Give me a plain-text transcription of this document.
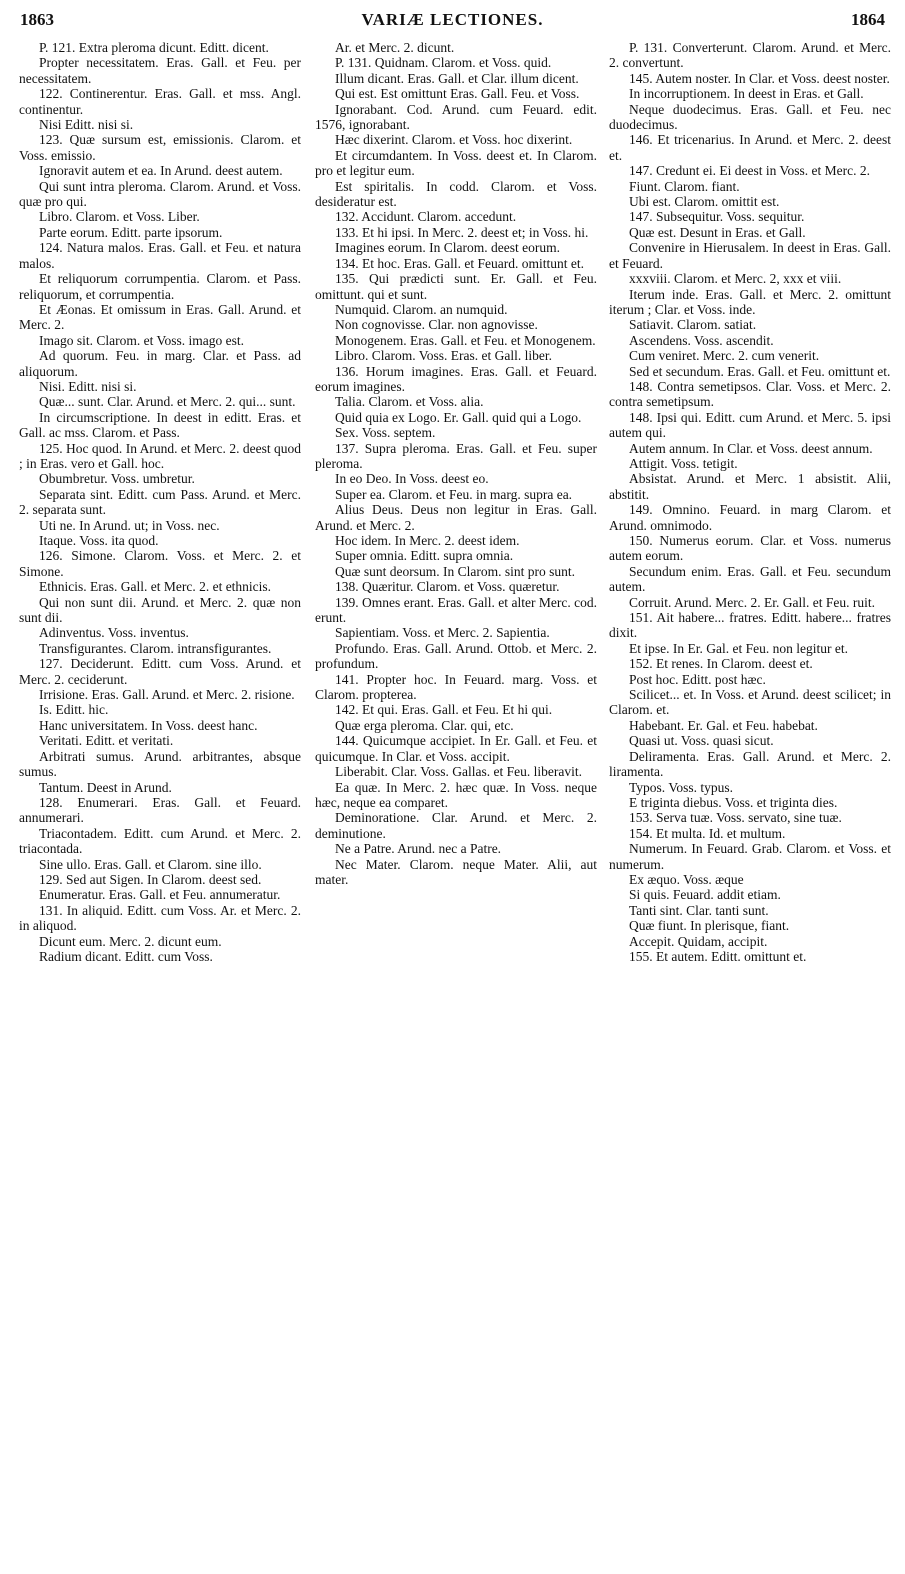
1863	VARIÆ LECTIONES.	1864

P. 121. Extra pleroma dicunt. Editt. dicent.

Propter necessitatem. Eras. Gall. et Feu. per necessitatem.

122. Continerentur. Eras. Gall. et mss. Angl. continentur.

Nisi Editt. nisi si.

123. Quæ sursum est, emissionis. Clarom. et Voss. emissio.

Ignoravit autem et ea. In Arund. deest autem.

Qui sunt intra pleroma. Clarom. Arund. et Voss. quæ pro qui.

Libro. Clarom. et Voss. Liber.

Parte eorum. Editt. parte ipsorum.

124. Natura malos. Eras. Gall. et Feu. et natura malos.

Et reliquorum corrumpentia. Clarom. et Pass. reliquorum, et corrumpentia.

Et Æonas. Et omissum in Eras. Gall. Arund. et Merc. 2.

Imago sit. Clarom. et Voss. imago est.

Ad quorum. Feu. in marg. Clar. et Pass. ad aliquorum.

Nisi. Editt. nisi si.

Quæ... sunt. Clar. Arund. et Merc. 2. qui... sunt.

In circumscriptione. In deest in editt. Eras. et Gall. ac mss. Clarom. et Pass.

125. Hoc quod. In Arund. et Merc. 2. deest quod ; in Eras. vero et Gall. hoc.

Obumbretur. Voss. umbretur.

Separata sint. Editt. cum Pass. Arund. et Merc. 2. separata sunt.

Uti ne. In Arund. ut; in Voss. nec.

Itaque. Voss. ita quod.

126. Simone. Clarom. Voss. et Merc. 2. et Simone.

Ethnicis. Eras. Gall. et Merc. 2. et ethnicis.

Qui non sunt dii. Arund. et Merc. 2. quæ non sunt dii.

Adinventus. Voss. inventus.

Transfigurantes. Clarom. intransfigurantes.

127. Deciderunt. Editt. cum Voss. Arund. et Merc. 2. ceciderunt.

Irrisione. Eras. Gall. Arund. et Merc. 2. risione.

Is. Editt. hic.

Hanc universitatem. In Voss. deest hanc.

Veritati. Editt. et veritati.

Arbitrati sumus. Arund. arbitrantes, absque sumus.

Tantum. Deest in Arund.

128. Enumerari. Eras. Gall. et Feuard. annumerari.

Triacontadem. Editt. cum Arund. et Merc. 2. triacontada.

Sine ullo. Eras. Gall. et Clarom. sine illo.

129. Sed aut Sigen. In Clarom. deest sed.

Enumeratur. Eras. Gall. et Feu. annumeratur.

131. In aliquid. Editt. cum Voss. Ar. et Merc. 2. in aliquod.

Dicunt eum. Merc. 2. dicunt eum.

Radium dicant. Editt. cum Voss.

Ar. et Merc. 2. dicunt.

P. 131. Quidnam. Clarom. et Voss. quid.

Illum dicant. Eras. Gall. et Clar. illum dicent.

Qui est. Est omittunt Eras. Gall. Feu. et Voss.

Ignorabant. Cod. Arund. cum Feuard. edit. 1576, ignorabant.

Hæc dixerint. Clarom. et Voss. hoc dixerint.

Et circumdantem. In Voss. deest et. In Clarom. pro et legitur eum.

Est spiritalis. In codd. Clarom. et Voss. desideratur est.

132. Accidunt. Clarom. accedunt.

133. Et hi ipsi. In Merc. 2. deest et; in Voss. hi.

Imagines eorum. In Clarom. deest eorum.

134. Et hoc. Eras. Gall. et Feuard. omittunt et.

135. Qui prædicti sunt. Er. Gall. et Feu. omittunt. qui et sunt.

Numquid. Clarom. an numquid.

Non cognovisse. Clar. non agnovisse.

Monogenem. Eras. Gall. et Feu. et Monogenem.

Libro. Clarom. Voss. Eras. et Gall. liber.

136. Horum imagines. Eras. Gall. et Feuard. eorum imagines.

Talia. Clarom. et Voss. alia.

Quid quia ex Logo. Er. Gall. quid qui a Logo.

Sex. Voss. septem.

137. Supra pleroma. Eras. Gall. et Feu. super pleroma.

In eo Deo. In Voss. deest eo.

Super ea. Clarom. et Feu. in marg. supra ea.

Alius Deus. Deus non legitur in Eras. Gall. Arund. et Merc. 2.

Hoc idem. In Merc. 2. deest idem.

Super omnia. Editt. supra omnia.

Quæ sunt deorsum. In Clarom. sint pro sunt.

138. Quæritur. Clarom. et Voss. quæretur.

139. Omnes erant. Eras. Gall. et alter Merc. cod. erunt.

Sapientiam. Voss. et Merc. 2. Sapientia.

Profundo. Eras. Gall. Arund. Ottob. et Merc. 2. profundum.

141. Propter hoc. In Feuard. marg. Voss. et Clarom. propterea.

142. Et qui. Eras. Gall. et Feu. Et hi qui.

Quæ erga pleroma. Clar. qui, etc.

144. Quicumque accipiet. In Er. Gall. et Feu. et quicumque. In Clar. et Voss. accipit.

Liberabit. Clar. Voss. Gallas. et Feu. liberavit.

Ea quæ. In Merc. 2. hæc quæ. In Voss. neque hæc, neque ea comparet.

Deminoratione. Clar. Arund. et Merc. 2. deminutione.

Ne a Patre. Arund. nec a Patre.

Nec Mater. Clarom. neque Mater. Alii, aut mater.

P. 131. Converterunt. Clarom. Arund. et Merc. 2. convertunt.

145. Autem noster. In Clar. et Voss. deest noster.

In incorruptionem. In deest in Eras. et Gall.

Neque duodecimus. Eras. Gall. et Feu. nec duodecimus.

146. Et tricenarius. In Arund. et Merc. 2. deest et.

147. Credunt ei. Ei deest in Voss. et Merc. 2.

Fiunt. Clarom. fiant.

Ubi est. Clarom. omittit est.

147. Subsequitur. Voss. sequitur.

Quæ est. Desunt in Eras. et Gall.

Convenire in Hierusalem. In deest in Eras. Gall. et Feuard.

xxxviii. Clarom. et Merc. 2, xxx et viii.

Iterum inde. Eras. Gall. et Merc. 2. omittunt iterum ; Clar. et Voss. inde.

Satiavit. Clarom. satiat.

Ascendens. Voss. ascendit.

Cum veniret. Merc. 2. cum venerit.

Sed et secundum. Eras. Gall. et Feu. omittunt et.

148. Contra semetipsos. Clar. Voss. et Merc. 2. contra semetipsum.

148. Ipsi qui. Editt. cum Arund. et Merc. 5. ipsi autem qui.

Autem annum. In Clar. et Voss. deest annum.

Attigit. Voss. tetigit.

Absistat. Arund. et Merc. 1 absistit. Alii, abstitit.

149. Omnino. Feuard. in marg Clarom. et Arund. omnimodo.

150. Numerus eorum. Clar. et Voss. numerus autem eorum.

Secundum enim. Eras. Gall. et Feu. secundum autem.

Corruit. Arund. Merc. 2. Er. Gall. et Feu. ruit.

151. Ait habere... fratres. Editt. habere... fratres dixit.

Et ipse. In Er. Gal. et Feu. non legitur et.

152. Et renes. In Clarom. deest et.

Post hoc. Editt. post hæc.

Scilicet... et. In Voss. et Arund. deest scilicet; in Clarom. et.

Habebant. Er. Gal. et Feu. habebat.

Quasi ut. Voss. quasi sicut.

Deliramenta. Eras. Gall. Arund. et Merc. 2. liramenta.

Typos. Voss. typus.

E triginta diebus. Voss. et triginta dies.

153. Serva tuæ. Voss. servato, sine tuæ.

154. Et multa. Id. et multum.

Numerum. In Feuard. Grab. Clarom. et Voss. et numerum.

Ex æquo. Voss. æque

Si quis. Feuard. addit etiam.

Tanti sint. Clar. tanti sunt.

Quæ fiunt. In plerisque, fiant.

Accepit. Quidam, accipit.

155. Et autem. Editt. omittunt et.
